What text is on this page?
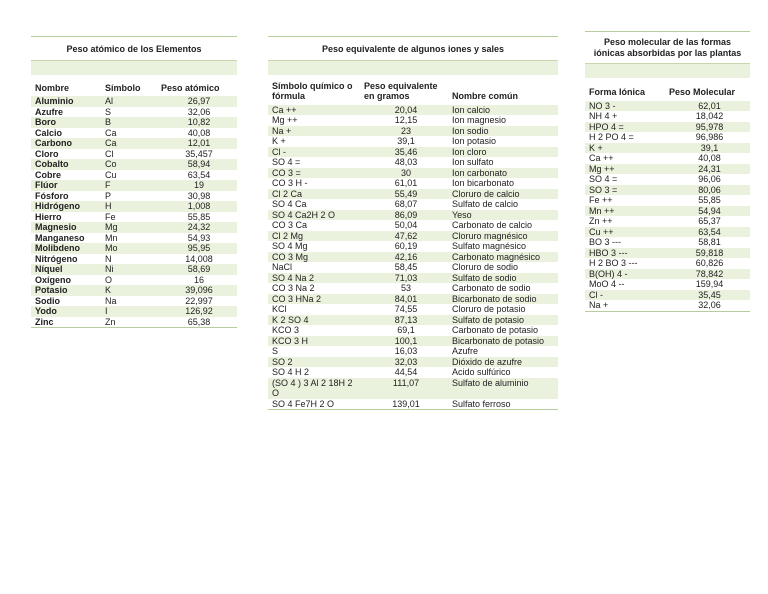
Peso atómico de los Elementos		

Nombre	Símbolo	Peso atómico
Aluminio	Al	26,97
Azufre	S	32,06
Boro	B	10,82
Calcio	Ca	40,08
Carbono	Ca	12,01
Cloro	Cl	35,457
Cobalto	Co	58,94
Cobre	Cu	63,54
Flúor	F	19
Fósforo	P	30,98
Hidrógeno	H	1,008
Hierro	Fe	55,85
Magnesio	Mg	24,32
Manganeso	Mn	54,93
Molibdeno	Mo	95,95
Nitrógeno	N	14,008
Níquel	Ni	58,69
Oxígeno	O	16
Potasio	K	39,096
Sodio	Na	22,997
Yodo	I	126,92
Zinc	Zn	65,38
Peso equivalente de algunos iones y sales		

Símbolo químico o fórmula	Peso equivalente en gramos	Nombre común
Ca ++	20,04	Ion calcio
Mg ++	12,15	Ion magnesio
Na +	23	Ion sodio
K +	39,1	Ion potasio
Cl -	35,46	Ion cloro
SO 4 =	48,03	Ion sulfato
CO 3 =	30	Ion carbonato
CO 3 H -	61,01	Ion bicarbonato
Cl 2 Ca	55,49	Cloruro de calcio
SO 4 Ca	68,07	Sulfato de calcio
SO 4 Ca2H 2 O	86,09	Yeso
CO 3 Ca	50,04	Carbonato de calcio
Cl 2 Mg	47,62	Cloruro magnésico
SO 4 Mg	60,19	Sulfato magnésico
CO 3 Mg	42,16	Carbonato magnésico
NaCl	58,45	Cloruro de sodio
SO 4 Na 2	71,03	Sulfato de sodio
CO 3 Na 2	53	Carbonato de sodio
CO 3 HNa 2	84,01	Bicarbonato de sodio
KCl	74,55	Cloruro de potasio
K 2 SO 4	87,13	Sulfato de potasio
KCO 3	69,1	Carbonato de potasio
KCO 3 H	100,1	Bicarbonato de potasio
S	16,03	Azufre
SO 2	32,03	Dióxido de azufre
SO 4 H 2	44,54	Acido sulfúrico
(SO 4 ) 3 Al 2 18H 2 O	111,07	Sulfato de aluminio
SO 4 Fe7H 2 O	139,01	Sulfato ferroso
Peso molecular de las formas iónicas absorbidas por las plantas	

Forma Iónica	Peso Molecular
NO 3 -	62,01
NH 4 +	18,042
HPO 4 =	95,978
H 2 PO 4 =	96,986
K +	39,1
Ca ++	40,08
Mg ++	24,31
SO 4 =	96,06
SO 3 =	80,06
Fe ++	55,85
Mn ++	54,94
Zn ++	65,37
Cu ++	63,54
BO 3 ---	58,81
HBO 3 ---	59,818
H 2 BO 3 ---	60,826
B(OH) 4 -	78,842
MoO 4 --	159,94
Cl -	35,45
Na +	32,06
